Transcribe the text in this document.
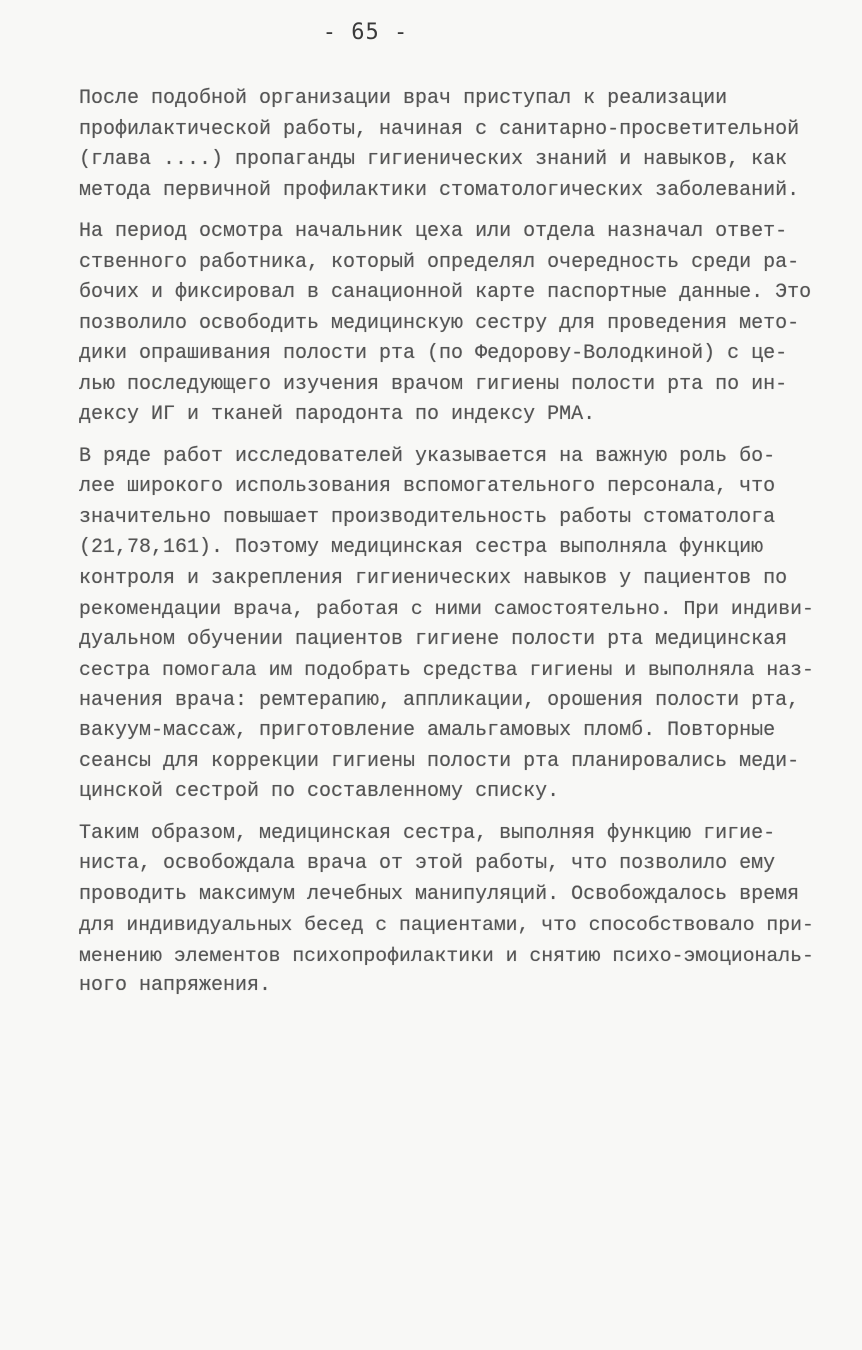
- 65 -
После подобной организации врач приступал к реализации
профилактической работы, начиная с санитарно-просветительной
(глава ....) пропаганды гигиенических знаний и навыков, как
метода первичной профилактики стоматологических заболеваний.
На период осмотра начальник цеха или отдела назначал ответ-
ственного работника, который определял очередность среди ра-
бочих и фиксировал в санационной карте паспортные данные. Это
позволило освободить медицинскую сестру для проведения мето-
дики опрашивания полости рта (по Федорову-Володкиной) с це-
лью последующего изучения врачом гигиены полости рта по ин-
дексу ИГ и тканей пародонта по индексу РМА.
В ряде работ исследователей указывается на важную роль бо-
лее широкого использования вспомогательного персонала, что
значительно повышает производительность работы стоматолога
(21,78,161). Поэтому медицинская сестра выполняла функцию
контроля и закрепления гигиенических навыков у пациентов по
рекомендации врача, работая с ними самостоятельно. При индиви-
дуальном обучении пациентов гигиене полости рта медицинская
сестра помогала им подобрать средства гигиены и выполняла наз-
начения врача: ремтерапию, аппликации, орошения полости рта,
вакуум-массаж, приготовление амальгамовых пломб. Повторные
сеансы для коррекции гигиены полости рта планировались меди-
цинской сестрой по составленному списку.
Таким образом, медицинская сестра, выполняя функцию гигие-
ниста, освобождала врача от этой работы, что позволило ему
проводить максимум лечебных манипуляций. Освобождалось время
для индивидуальных бесед с пациентами, что способствовало при-
менению элементов психопрофилактики и снятию психо-эмоциональ-
ного напряжения.
